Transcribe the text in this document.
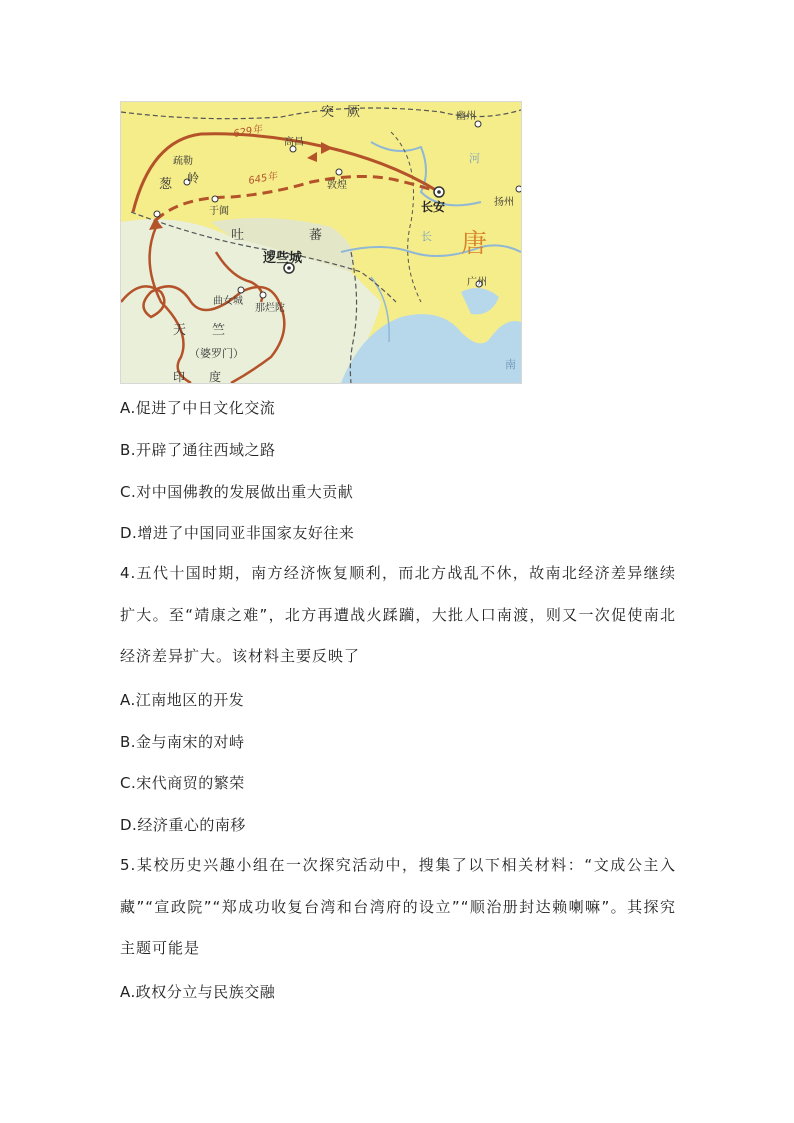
突　厥	幽州
629年
高昌
疏勒
葱 岭	645年	敦煌
于阗	长安	扬州
河
吐	蕃	长 唐
逻些城
广州
曲女城
那烂陀
天　　竺
（婆罗门）
印　　度
南
A.促进了中日文化交流
B.开辟了通往西域之路
C.对中国佛教的发展做出重大贡献
D.增进了中国同亚非国家友好往来
4.五代十国时期，南方经济恢复顺利，而北方战乱不休，故南北经济差异继续扩大。至“靖康之难”，北方再遭战火蹂躏，大批人口南渡，则又一次促使南北经济差异扩大。该材料主要反映了
A.江南地区的开发
B.金与南宋的对峙
C.宋代商贸的繁荣
D.经济重心的南移
5.某校历史兴趣小组在一次探究活动中，搜集了以下相关材料：“文成公主入藏”“宣政院”“郑成功收复台湾和台湾府的设立”“顺治册封达赖喇嘛”。其探究主题可能是
A.政权分立与民族交融
